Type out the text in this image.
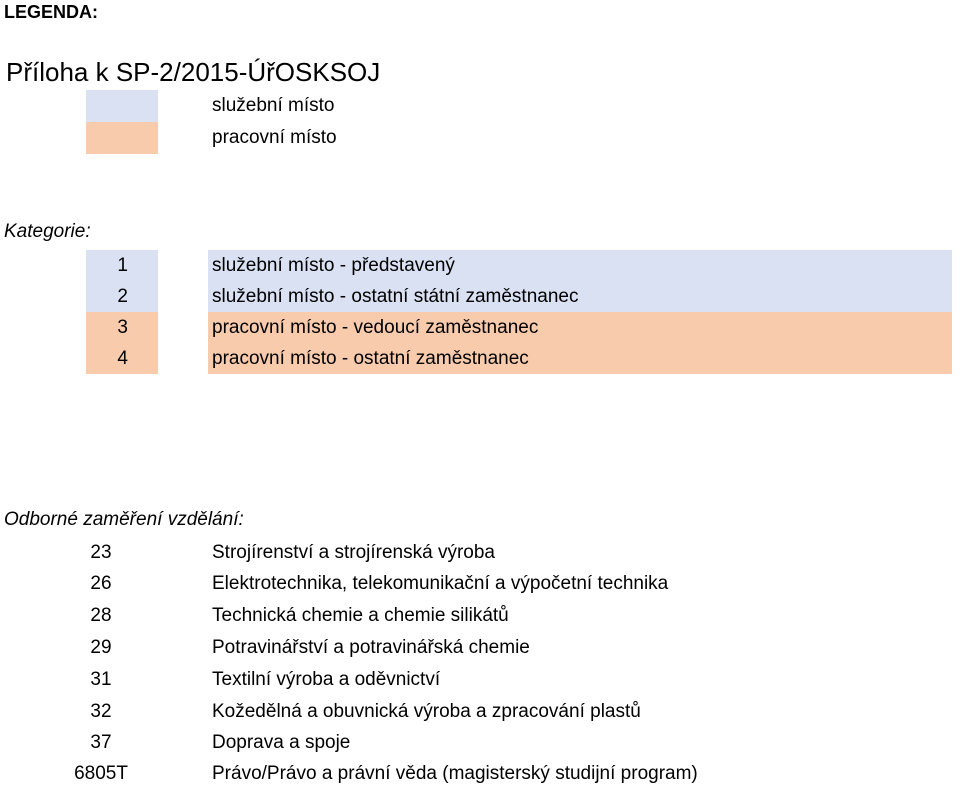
LEGENDA:
Příloha k SP-2/2015-ÚřOSKSOJ
služební místo
pracovní místo
Kategorie:
1	služební místo - představený
2	služební místo - ostatní státní zaměstnanec
3	pracovní místo - vedoucí zaměstnanec
4	pracovní místo - ostatní zaměstnanec
Odborné zaměření vzdělání:
23	Strojírenství a strojírenská výroba
26	Elektrotechnika, telekomunikační a výpočetní technika
28	Technická chemie a chemie silikátů
29	Potravinářství a potravinářská chemie
31	Textilní výroba a oděvnictví
32	Kožedělná a obuvnická výroba a zpracování plastů
37	Doprava a spoje
6805T	Právo/Právo a právní věda (magisterský studijní program)
